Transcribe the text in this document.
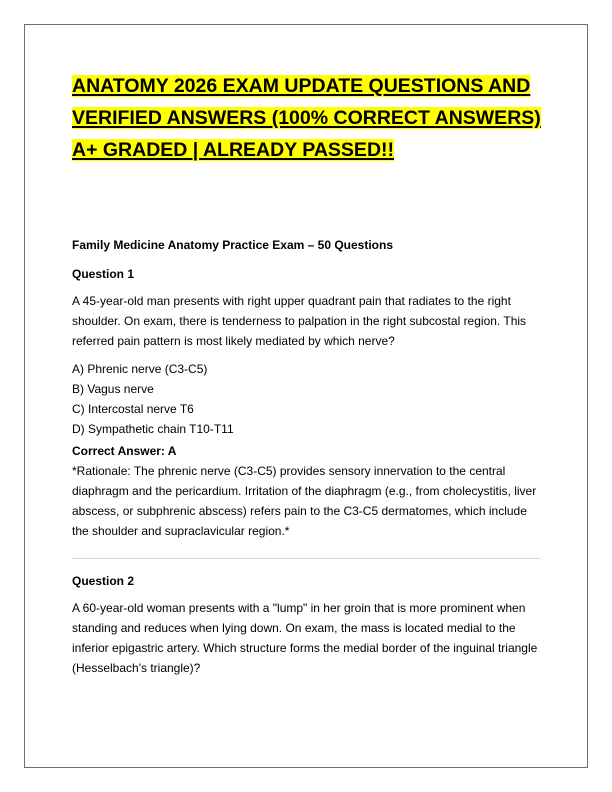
ANATOMY 2026 EXAM UPDATE QUESTIONS AND VERIFIED ANSWERS (100% CORRECT ANSWERS) A+ GRADED | ALREADY PASSED!!

Family Medicine Anatomy Practice Exam – 50 Questions

Question 1

A 45-year-old man presents with right upper quadrant pain that radiates to the right shoulder. On exam, there is tenderness to palpation in the right subcostal region. This referred pain pattern is most likely mediated by which nerve?

A) Phrenic nerve (C3-C5)
B) Vagus nerve
C) Intercostal nerve T6
D) Sympathetic chain T10-T11

Correct Answer: A

*Rationale: The phrenic nerve (C3-C5) provides sensory innervation to the central diaphragm and the pericardium. Irritation of the diaphragm (e.g., from cholecystitis, liver abscess, or subphrenic abscess) refers pain to the C3-C5 dermatomes, which include the shoulder and supraclavicular region.*

Question 2

A 60-year-old woman presents with a "lump" in her groin that is more prominent when standing and reduces when lying down. On exam, the mass is located medial to the inferior epigastric artery. Which structure forms the medial border of the inguinal triangle (Hesselbach's triangle)?
